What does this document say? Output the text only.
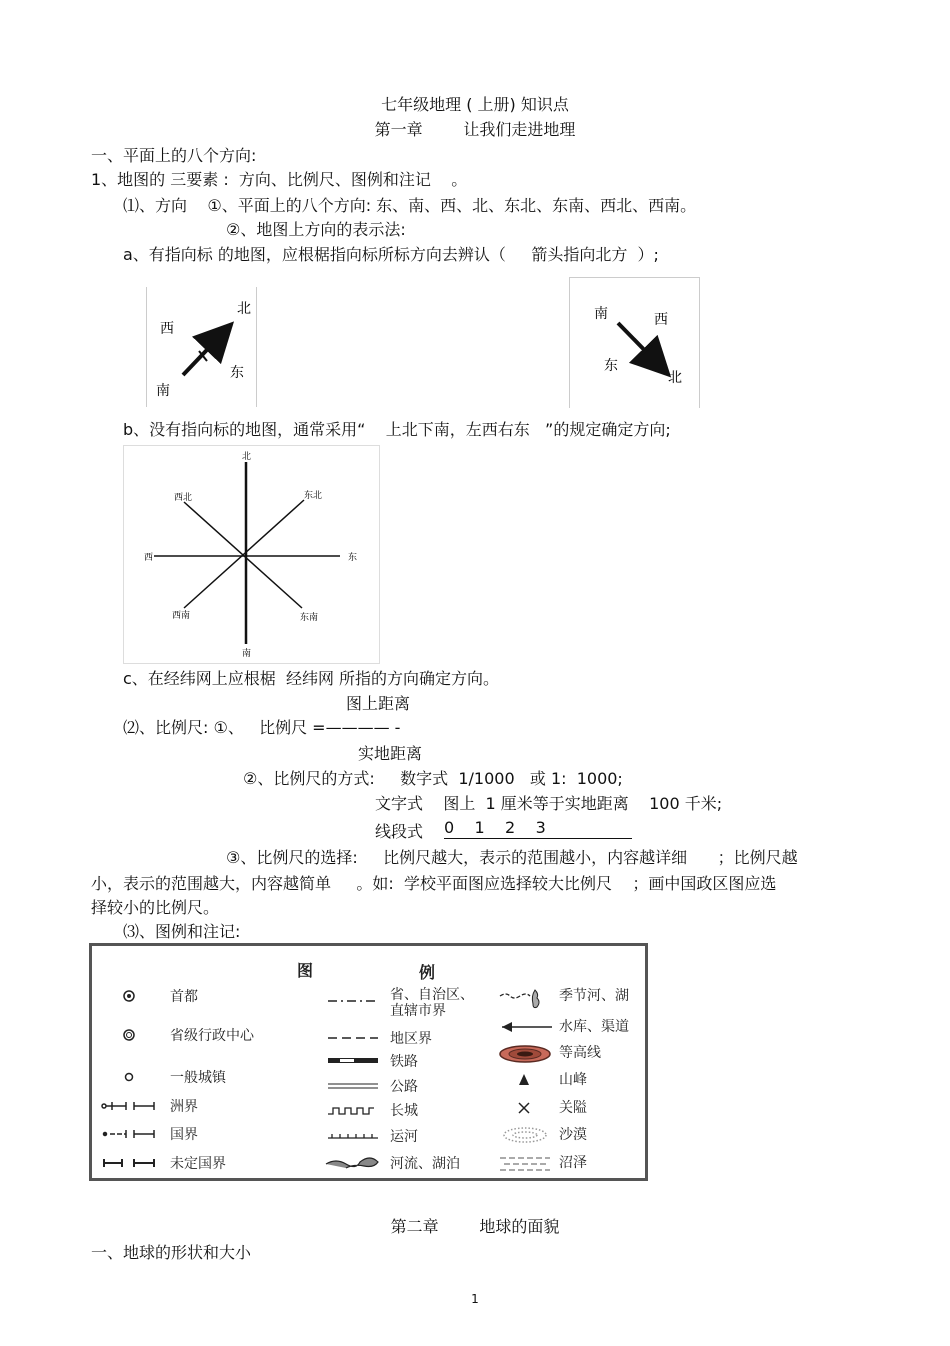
七年级地理 ( 上册) 知识点
第一章        让我们走进地理
一、平面上的八个方向:
1、地图的 三要素 :  方向、比例尺、图例和注记    。
⑴、方向    ①、平面上的八个方向: 东、南、西、北、东北、东南、西北、西南。
②、地图上方向的表示法:
a、有指向标 的地图，应根椐指向标所标方向去辨认（     箭头指向北方  ）;
北
西
东
南
南	西
东
北
b、没有指向标的地图，通常采用“    上北下南，左西右东   ”的规定确定方向;
北
南
东
西
东北
西北
东南
西南
c、在经纬网上应根椐  经纬网 所指的方向确定方向。
图上距离
⑵、比例尺: ①、   比例尺 =———— -
实地距离
②、比例尺的方式:     数字式  1/1000   或 1:  1000;
文字式    图上  1 厘米等于实地距离    100 千米;
线段式 0    1    2    3
③、比例尺的选择:     比例尺越大，表示的范围越小，内容越详细      ；比例尺越
小，表示的范围越大，内容越简单     。如:  学校平面图应选择较大比例尺    ；画中国政区图应选
择较小的比例尺。
⑶、图例和注记:
图	例
首都
省级行政中心
一般城镇
洲界
国界
未定国界
省、自治区、
直辖市界
地区界
铁路
公路
长城
运河
河流、湖泊
季节河、湖
水库、渠道
等高线
山峰
关隘
沙漠
沼泽
第二章        地球的面貌
一、地球的形状和大小
1
